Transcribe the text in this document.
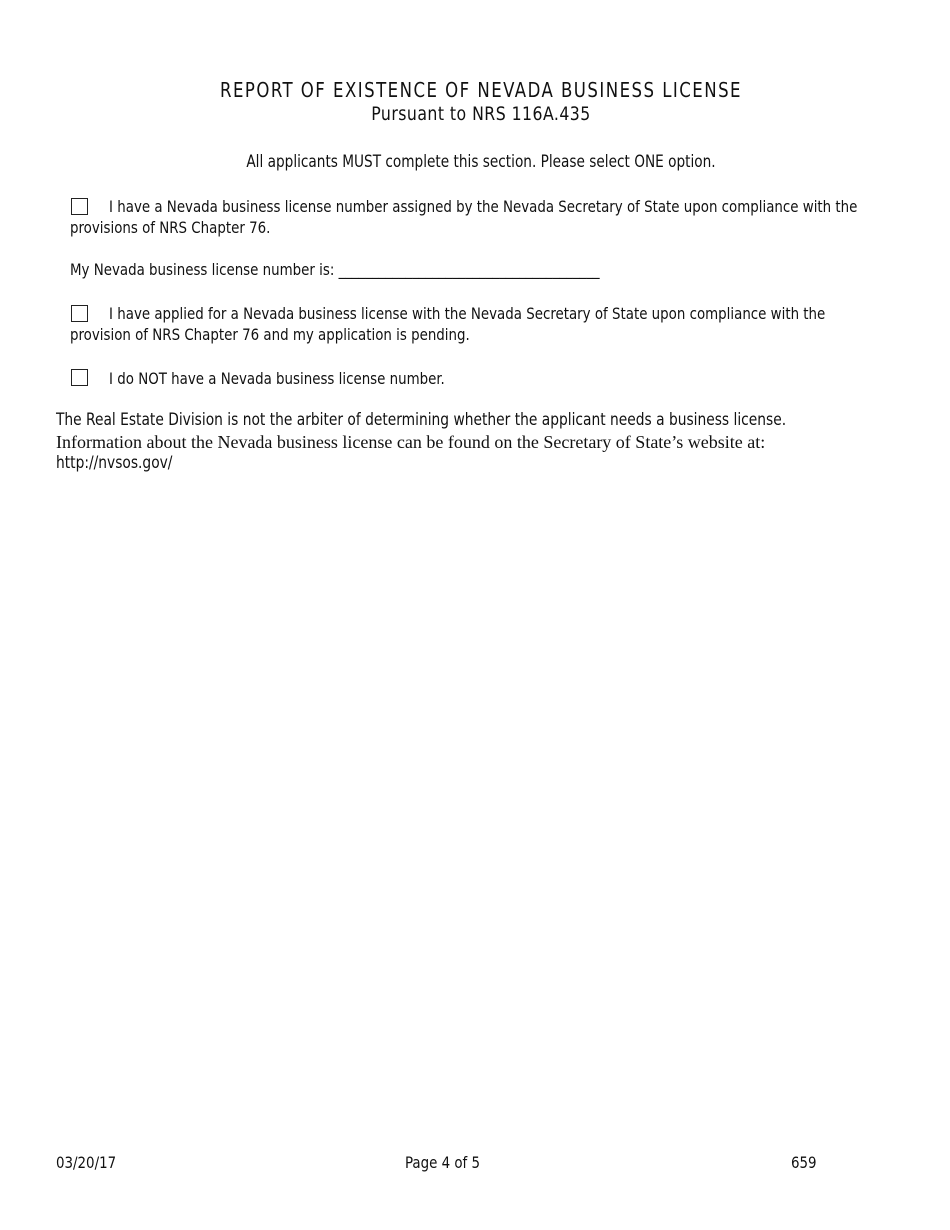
REPORT OF EXISTENCE OF NEVADA BUSINESS LICENSE
Pursuant to NRS 116A.435
All applicants MUST complete this section. Please select ONE option.
I have a Nevada business license number assigned by the Nevada Secretary of State upon compliance with the provisions of NRS Chapter 76.
My Nevada business license number is: _______________________________________
I have applied for a Nevada business license with the Nevada Secretary of State upon compliance with the provision of NRS Chapter 76 and my application is pending.
I do NOT have a Nevada business license number.
The Real Estate Division is not the arbiter of determining whether the applicant needs a business license.
Information about the Nevada business license can be found on the Secretary of State’s website at:
http://nvsos.gov/
03/20/17	Page 4 of 5	659
